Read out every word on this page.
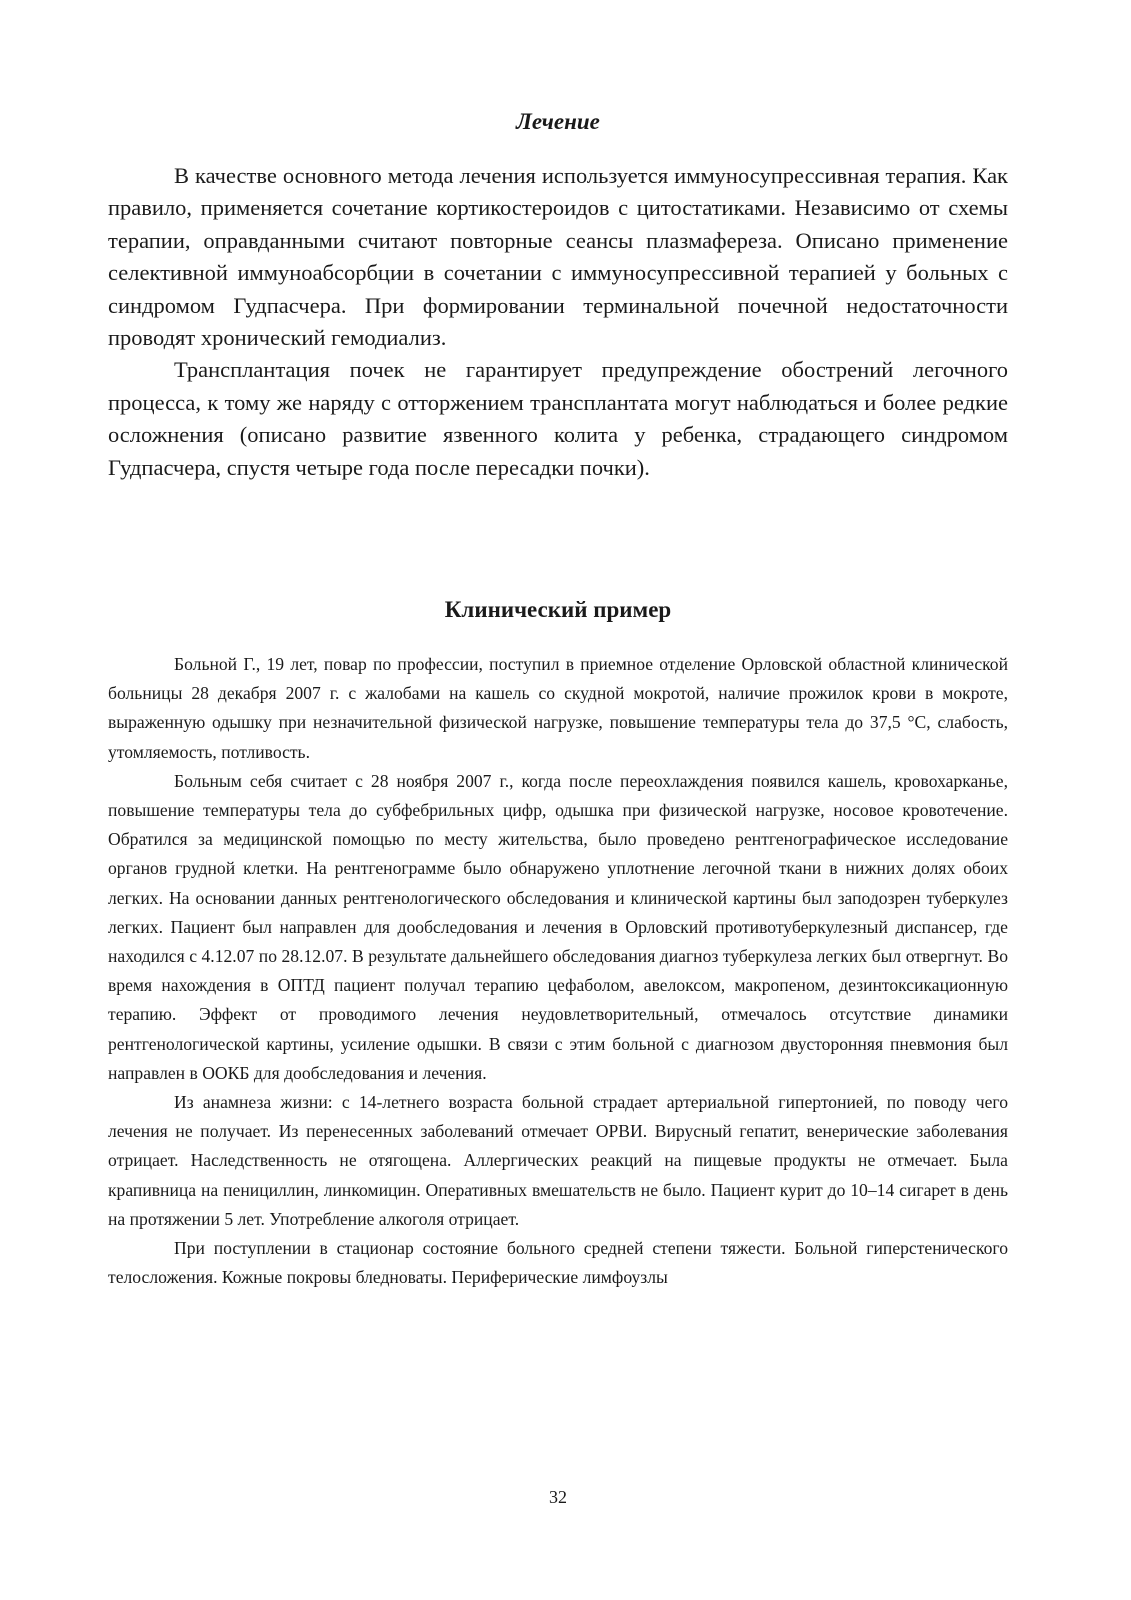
Лечение

В качестве основного метода лечения используется иммуносупрессивная терапия. Как правило, применяется сочетание кортикостероидов с цитостатиками. Независимо от схемы терапии, оправданными считают повторные сеансы плазмафереза. Описано применение селективной иммуноабсорбции в сочетании с иммуносупрессивной терапией у больных с синдромом Гудпасчера. При формировании терминальной почечной недостаточности проводят хронический гемодиализ.

Трансплантация почек не гарантирует предупреждение обострений легочного процесса, к тому же наряду с отторжением трансплантата могут наблюдаться и более редкие осложнения (описано развитие язвенного колита у ребенка, страдающего синдромом Гудпасчера, спустя четыре года после пересадки почки).

Клинический пример

Больной Г., 19 лет, повар по профессии, поступил в приемное отделение Орловской областной клинической больницы 28 декабря 2007 г. с жалобами на кашель со скудной мокротой, наличие прожилок крови в мокроте, выраженную одышку при незначительной физической нагрузке, повышение температуры тела до 37,5 °С, слабость, утомляемость, потливость.

Больным себя считает с 28 ноября 2007 г., когда после переохлаждения появился кашель, кровохарканье, повышение температуры тела до субфебрильных цифр, одышка при физической нагрузке, носовое кровотечение. Обратился за медицинской помощью по месту жительства, было проведено рентгенографическое исследование органов грудной клетки. На рентгенограмме было обнаружено уплотнение легочной ткани в нижних долях обоих легких. На основании данных рентгенологического обследования и клинической картины был заподозрен туберкулез легких. Пациент был направлен для дообследования и лечения в Орловский противотуберкулезный диспансер, где находился с 4.12.07 по 28.12.07. В результате дальнейшего обследования диагноз туберкулеза легких был отвергнут. Во время нахождения в ОПТД пациент получал терапию цефаболом, авелоксом, макропеном, дезинтоксикационную терапию. Эффект от проводимого лечения неудовлетворительный, отмечалось отсутствие динамики рентгенологической картины, усиление одышки. В связи с этим больной с диагнозом двусторонняя пневмония был направлен в ООКБ для дообследования и лечения.

Из анамнеза жизни: с 14-летнего возраста больной страдает артериальной гипертонией, по поводу чего лечения не получает. Из перенесенных заболеваний отмечает ОРВИ. Вирусный гепатит, венерические заболевания отрицает. Наследственность не отягощена. Аллергических реакций на пищевые продукты не отмечает. Была крапивница на пенициллин, линкомицин. Оперативных вмешательств не было. Пациент курит до 10–14 сигарет в день на протяжении 5 лет. Употребление алкоголя отрицает.

При поступлении в стационар состояние больного средней степени тяжести. Больной гиперстенического телосложения. Кожные покровы бледноваты. Периферические лимфоузлы

32
